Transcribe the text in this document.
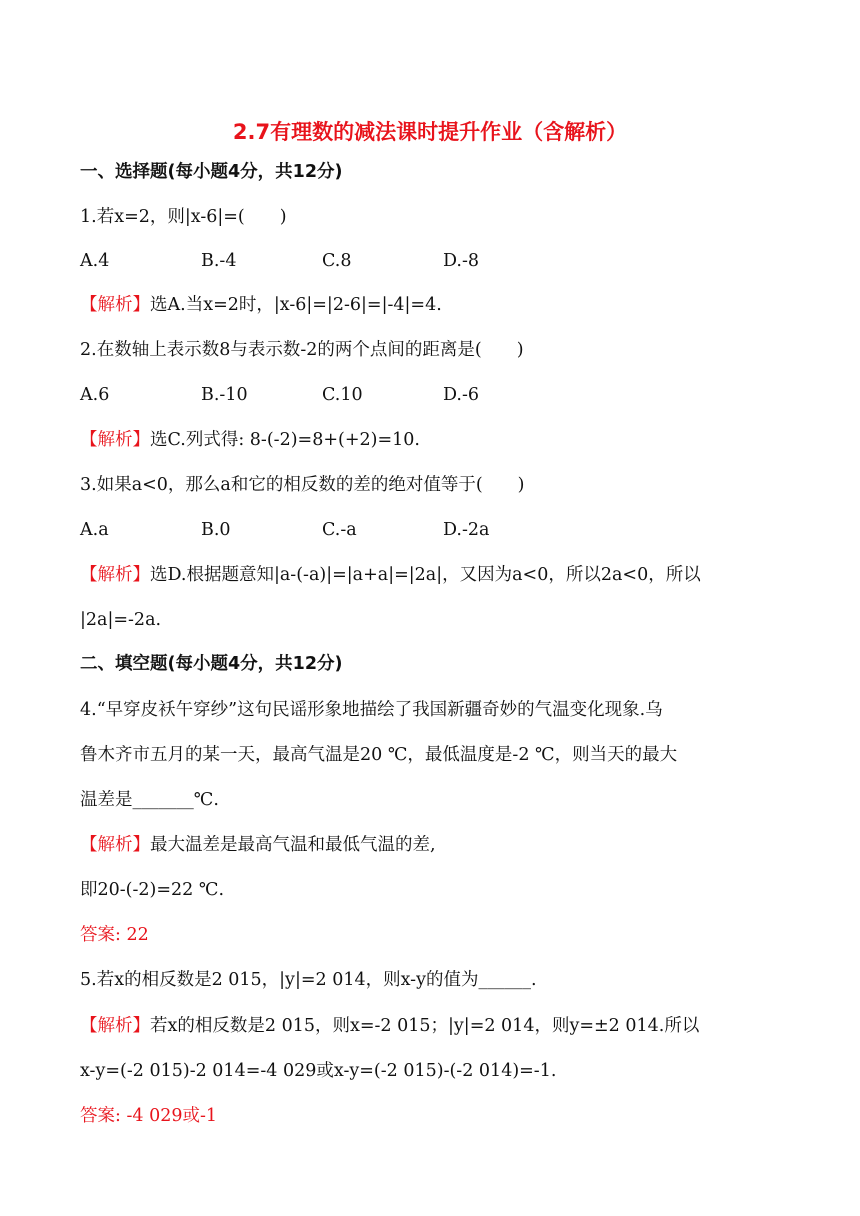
2.7有理数的减法课时提升作业（含解析）
一、选择题(每小题4分，共12分)
1.若x=2，则|x-6|=(　　)
A.4	B.-4	C.8	D.-8
【解析】选A.当x=2时，|x-6|=|2-6|=|-4|=4.
2.在数轴上表示数8与表示数-2的两个点间的距离是(　　)
A.6	B.-10	C.10	D.-6
【解析】选C.列式得: 8-(-2)=8+(+2)=10.
3.如果a<0，那么a和它的相反数的差的绝对值等于(　　)
A.a	B.0	C.-a	D.-2a
【解析】选D.根据题意知|a-(-a)|=|a+a|=|2a|，又因为a<0，所以2a<0，所以
|2a|=-2a.
二、填空题(每小题4分，共12分)
4.“早穿皮袄午穿纱”这句民谣形象地描绘了我国新疆奇妙的气温变化现象.乌
鲁木齐市五月的某一天，最高气温是20 ℃，最低温度是-2 ℃，则当天的最大
温差是_______℃.
【解析】最大温差是最高气温和最低气温的差,
即20-(-2)=22 ℃.
答案: 22
5.若x的相反数是2 015，|y|=2 014，则x-y的值为______.
【解析】若x的相反数是2 015，则x=-2 015；|y|=2 014，则y=±2 014.所以
x-y=(-2 015)-2 014=-4 029或x-y=(-2 015)-(-2 014)=-1.
答案: -4 029或-1
